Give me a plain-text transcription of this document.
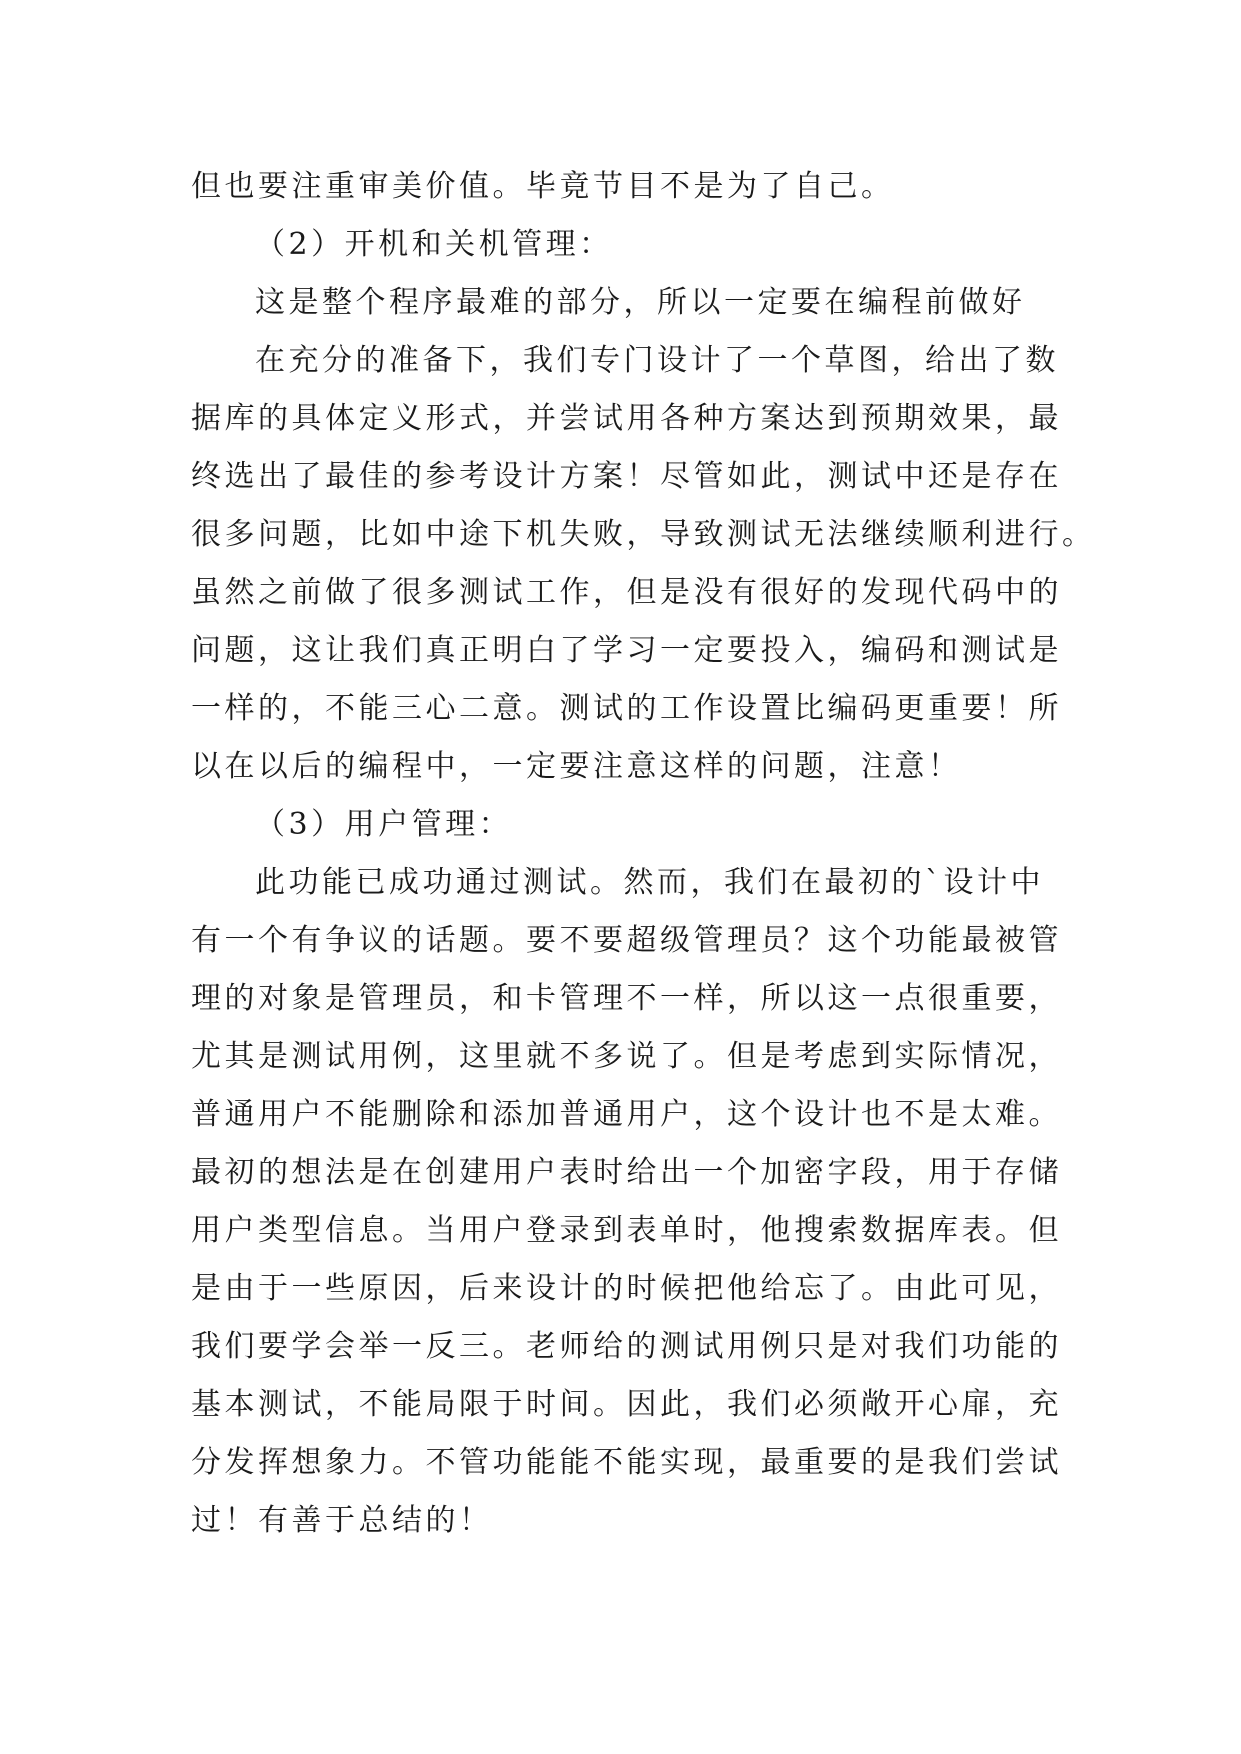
但也要注重审美价值。毕竟节目不是为了自己。
（2）开机和关机管理：
这是整个程序最难的部分，所以一定要在编程前做好
在充分的准备下，我们专门设计了一个草图，给出了数
据库的具体定义形式，并尝试用各种方案达到预期效果，最
终选出了最佳的参考设计方案！尽管如此，测试中还是存在
很多问题，比如中途下机失败，导致测试无法继续顺利进行。
虽然之前做了很多测试工作，但是没有很好的发现代码中的
问题，这让我们真正明白了学习一定要投入，编码和测试是
一样的，不能三心二意。测试的工作设置比编码更重要！所
以在以后的编程中，一定要注意这样的问题，注意！
（3）用户管理：
此功能已成功通过测试。然而，我们在最初的`设计中
有一个有争议的话题。要不要超级管理员？这个功能最被管
理的对象是管理员，和卡管理不一样，所以这一点很重要，
尤其是测试用例，这里就不多说了。但是考虑到实际情况，
普通用户不能删除和添加普通用户，这个设计也不是太难。
最初的想法是在创建用户表时给出一个加密字段，用于存储
用户类型信息。当用户登录到表单时，他搜索数据库表。但
是由于一些原因，后来设计的时候把他给忘了。由此可见，
我们要学会举一反三。老师给的测试用例只是对我们功能的
基本测试，不能局限于时间。因此，我们必须敞开心扉，充
分发挥想象力。不管功能能不能实现，最重要的是我们尝试
过！有善于总结的！
